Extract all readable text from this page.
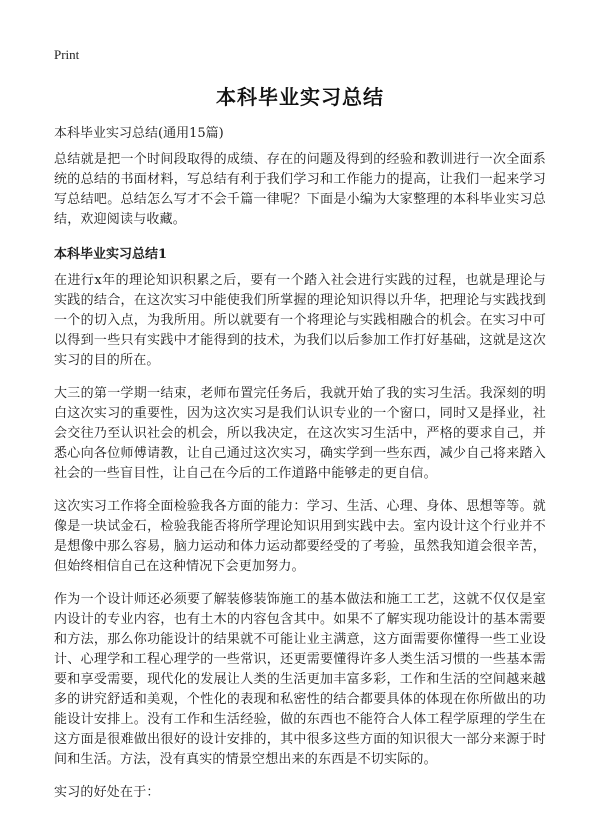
Print
本科毕业实习总结
本科毕业实习总结(通用15篇)

总结就是把一个时间段取得的成绩、存在的问题及得到的经验和教训进行一次全面系统的总结的书面材料，写总结有利于我们学习和工作能力的提高，让我们一起来学习写总结吧。总结怎么写才不会千篇一律呢？下面是小编为大家整理的本科毕业实习总结，欢迎阅读与收藏。

本科毕业实习总结1

在进行x年的理论知识积累之后，要有一个踏入社会进行实践的过程，也就是理论与实践的结合，在这次实习中能使我们所掌握的理论知识得以升华，把理论与实践找到一个的切入点，为我所用。所以就要有一个将理论与实践相融合的机会。在实习中可以得到一些只有实践中才能得到的技术，为我们以后参加工作打好基础，这就是这次实习的目的所在。

大三的第一学期一结束，老师布置完任务后，我就开始了我的实习生活。我深刻的明白这次实习的重要性，因为这次实习是我们认识专业的一个窗口，同时又是择业，社会交往乃至认识社会的机会，所以我决定，在这次实习生活中，严格的要求自己，并悉心向各位师傅请教，让自己通过这次实习，确实学到一些东西，减少自己将来踏入社会的一些盲目性，让自己在今后的工作道路中能够走的更自信。

这次实习工作将全面检验我各方面的能力：学习、生活、心理、身体、思想等等。就像是一块试金石，检验我能否将所学理论知识用到实践中去。室内设计这个行业并不是想像中那么容易，脑力运动和体力运动都要经受的了考验，虽然我知道会很辛苦，但始终相信自己在这种情况下会更加努力。

作为一个设计师还必须要了解装修装饰施工的基本做法和施工工艺，这就不仅仅是室内设计的专业内容，也有土木的内容包含其中。如果不了解实现功能设计的基本需要和方法，那么你功能设计的结果就不可能让业主满意，这方面需要你懂得一些工业设计、心理学和工程心理学的一些常识，还更需要懂得许多人类生活习惯的一些基本需要和享受需要，现代化的发展让人类的生活更加丰富多彩，工作和生活的空间越来越多的讲究舒适和美观，个性化的表现和私密性的结合都要具体的体现在你所做出的功能设计安排上。没有工作和生活经验，做的东西也不能符合人体工程学原理的学生在这方面是很难做出很好的设计安排的，其中很多这些方面的知识很大一部分来源于时间和生活。方法，没有真实的情景空想出来的东西是不切实际的。

实习的好处在于：
